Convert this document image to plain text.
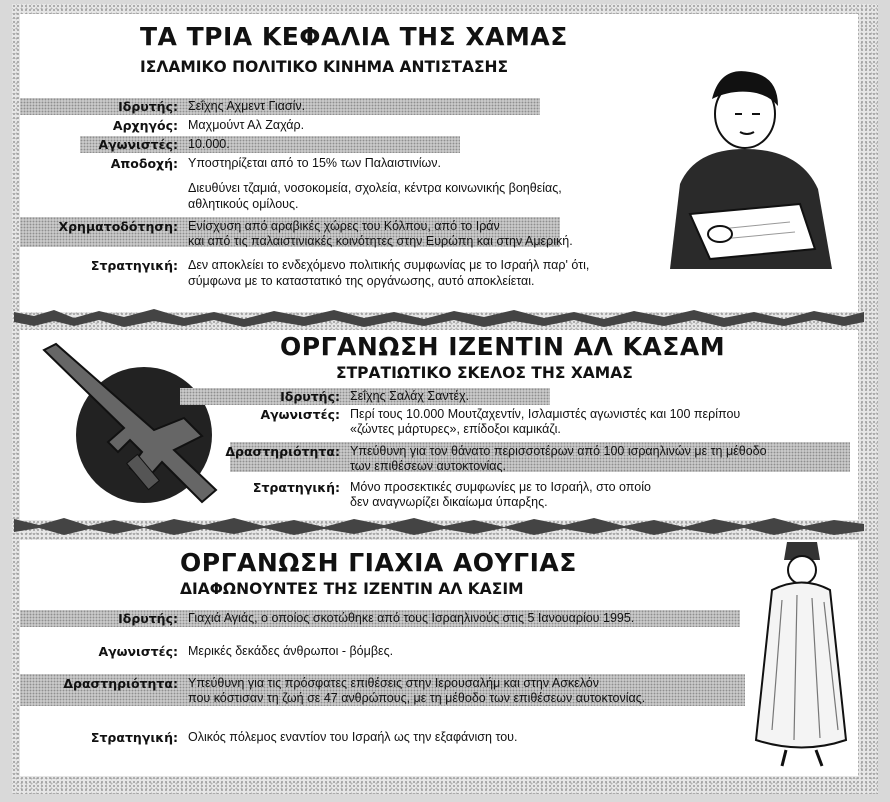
ΤΑ ΤΡΙΑ ΚΕΦΑΛΙΑ ΤΗΣ ΧΑΜΑΣ
ΙΣΛΑΜΙΚΟ ΠΟΛΙΤΙΚΟ ΚΙΝΗΜΑ ΑΝΤΙΣΤΑΣΗΣ
Ιδρυτής: Σεΐχης Αχμεντ Γιασίν.
Αρχηγός: Μαχμούντ Αλ Ζαχάρ.
Αγωνιστές: 10.000.
Αποδοχή: Υποστηρίζεται από το 15% των Παλαιστινίων.
Διευθύνει τζαμιά, νοσοκομεία, σχολεία, κέντρα κοινωνικής βοηθείας,
αθλητικούς ομίλους.
Χρηματοδότηση: Ενίσχυση από αραβικές χώρες του Κόλπου, από το Ιράν
και από τις παλαιστινιακές κοινότητες στην Ευρώπη και στην Αμερική.
Στρατηγική: Δεν αποκλείει το ενδεχόμενο πολιτικής συμφωνίας με το Ισραήλ παρ' ότι,
σύμφωνα με το καταστατικό της οργάνωσης, αυτό αποκλείεται.
ΟΡΓΑΝΩΣΗ ΙΖΕΝΤΙΝ ΑΛ ΚΑΣΑΜ
ΣΤΡΑΤΙΩΤΙΚΟ ΣΚΕΛΟΣ ΤΗΣ ΧΑΜΑΣ
Ιδρυτής: Σεΐχης Σαλάχ Σαντέχ.
Αγωνιστές: Περί τους 10.000 Μουτζαχεντίν, Ισλαμιστές αγωνιστές και 100 περίπου
«ζώντες μάρτυρες», επίδοξοι καμικάζι.
Δραστηριότητα: Υπεύθυνη για τον θάνατο περισσοτέρων από 100 ισραηλινών με τη μέθοδο
των επιθέσεων αυτοκτονίας.
Στρατηγική: Μόνο προσεκτικές συμφωνίες με το Ισραήλ, στο οποίο
δεν αναγνωρίζει δικαίωμα ύπαρξης.
ΟΡΓΑΝΩΣΗ ΓΙΑΧΙΑ ΑΟΥΓΙΑΣ
ΔΙΑΦΩΝΟΥΝΤΕΣ ΤΗΣ ΙΖΕΝΤΙΝ ΑΛ ΚΑΣΙΜ
Ιδρυτής: Γιαχιά Αγιάς, ο οποίος σκοτώθηκε από τους Ισραηλινούς στις 5 Ιανουαρίου 1995.
Αγωνιστές: Μερικές δεκάδες άνθρωποι - βόμβες.
Δραστηριότητα: Υπεύθυνη για τις πρόσφατες επιθέσεις στην Ιερουσαλήμ και στην Ασκελόν
που κόστισαν τη ζωή σε 47 ανθρώπους, με τη μέθοδο των επιθέσεων αυτοκτονίας.
Στρατηγική: Ολικός πόλεμος εναντίον του Ισραήλ ως την εξαφάνιση του.
